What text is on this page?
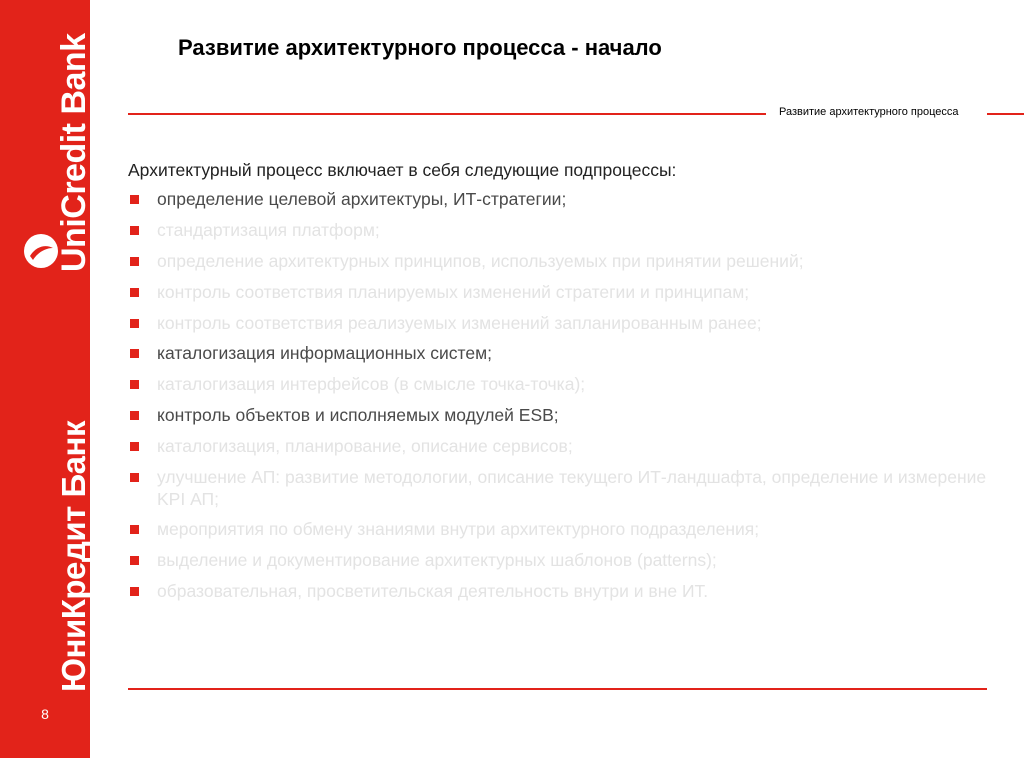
UniCredit Bank
ЮниКредит Банк
8
Развитие архитектурного процесса - начало
Развитие архитектурного процесса
Архитектурный процесс включает в себя следующие подпроцессы:
определение целевой архитектуры, ИТ-стратегии;
стандартизация платформ;
определение архитектурных принципов, используемых при принятии решений;
контроль соответствия планируемых изменений стратегии и принципам;
контроль соответствия реализуемых изменений запланированным ранее;
каталогизация информационных систем;
каталогизация интерфейсов (в смысле точка-точка);
контроль объектов и исполняемых модулей ESB;
каталогизация, планирование, описание сервисов;
улучшение АП: развитие методологии, описание текущего ИТ-ландшафта, определение и измерение KPI АП;
мероприятия по обмену знаниями внутри архитектурного подразделения;
выделение и документирование архитектурных шаблонов (patterns);
образовательная, просветительская деятельность внутри и вне ИТ.
